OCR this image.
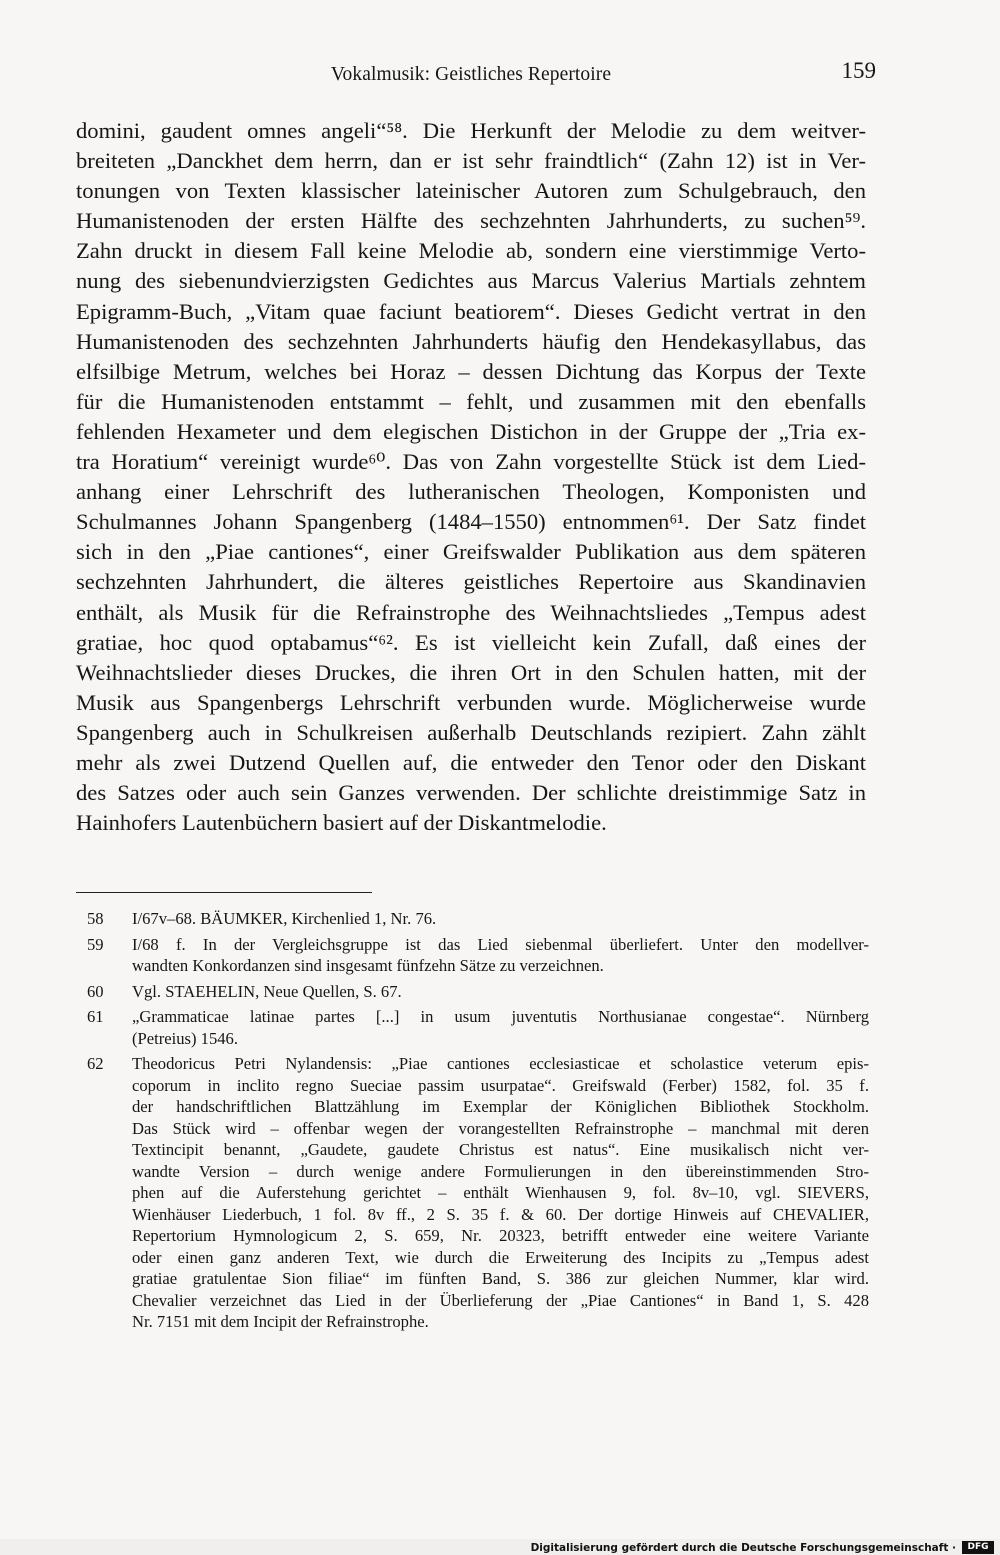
Vokalmusik: Geistliches Repertoire	159
domini, gaudent omnes angeli“⁵⁸. Die Herkunft der Melodie zu dem weitver-
breiteten „Danckhet dem herrn, dan er ist sehr fraindtlich“ (Zahn 12) ist in Ver-
tonungen von Texten klassischer lateinischer Autoren zum Schulgebrauch, den
Humanistenoden der ersten Hälfte des sechzehnten Jahrhunderts, zu suchen⁵⁹.
Zahn druckt in diesem Fall keine Melodie ab, sondern eine vierstimmige Verto-
nung des siebenundvierzigsten Gedichtes aus Marcus Valerius Martials zehntem
Epigramm-Buch, „Vitam quae faciunt beatiorem“. Dieses Gedicht vertrat in den
Humanistenoden des sechzehnten Jahrhunderts häufig den Hendekasyllabus, das
elfsilbige Metrum, welches bei Horaz – dessen Dichtung das Korpus der Texte
für die Humanistenoden entstammt – fehlt, und zusammen mit den ebenfalls
fehlenden Hexameter und dem elegischen Distichon in der Gruppe der „Tria ex-
tra Horatium“ vereinigt wurde⁶⁰. Das von Zahn vorgestellte Stück ist dem Lied-
anhang einer Lehrschrift des lutheranischen Theologen, Komponisten und
Schulmannes Johann Spangenberg (1484–1550) entnommen⁶¹. Der Satz findet
sich in den „Piae cantiones“, einer Greifswalder Publikation aus dem späteren
sechzehnten Jahrhundert, die älteres geistliches Repertoire aus Skandinavien
enthält, als Musik für die Refrainstrophe des Weihnachtsliedes „Tempus adest
gratiae, hoc quod optabamus“⁶². Es ist vielleicht kein Zufall, daß eines der
Weihnachtslieder dieses Druckes, die ihren Ort in den Schulen hatten, mit der
Musik aus Spangenbergs Lehrschrift verbunden wurde. Möglicherweise wurde
Spangenberg auch in Schulkreisen außerhalb Deutschlands rezipiert. Zahn zählt
mehr als zwei Dutzend Quellen auf, die entweder den Tenor oder den Diskant
des Satzes oder auch sein Ganzes verwenden. Der schlichte dreistimmige Satz in
Hainhofers Lautenbüchern basiert auf der Diskantmelodie.
58 I/67v–68. BÄUMKER, Kirchenlied 1, Nr. 76.
59 I/68 f. In der Vergleichsgruppe ist das Lied siebenmal überliefert. Unter den modellver-
wandten Konkordanzen sind insgesamt fünfzehn Sätze zu verzeichnen.
60 Vgl. STAEHELIN, Neue Quellen, S. 67.
61 „Grammaticae latinae partes [...] in usum juventutis Northusianae congestae“. Nürnberg
(Petreius) 1546.
62 Theodoricus Petri Nylandensis: „Piae cantiones ecclesiasticae et scholastice veterum epis-
coporum in inclito regno Sueciae passim usurpatae“. Greifswald (Ferber) 1582, fol. 35 f.
der handschriftlichen Blattzählung im Exemplar der Königlichen Bibliothek Stockholm.
Das Stück wird – offenbar wegen der vorangestellten Refrainstrophe – manchmal mit deren
Textincipit benannt, „Gaudete, gaudete Christus est natus“. Eine musikalisch nicht ver-
wandte Version – durch wenige andere Formulierungen in den übereinstimmenden Stro-
phen auf die Auferstehung gerichtet – enthält Wienhausen 9, fol. 8v–10, vgl. SIEVERS,
Wienhäuser Liederbuch, 1 fol. 8v ff., 2 S. 35 f. & 60. Der dortige Hinweis auf CHEVALIER,
Repertorium Hymnologicum 2, S. 659, Nr. 20323, betrifft entweder eine weitere Variante
oder einen ganz anderen Text, wie durch die Erweiterung des Incipits zu „Tempus adest
gratiae gratulentae Sion filiae“ im fünften Band, S. 386 zur gleichen Nummer, klar wird.
Chevalier verzeichnet das Lied in der Überlieferung der „Piae Cantiones“ in Band 1, S. 428
Nr. 7151 mit dem Incipit der Refrainstrophe.
Digitalisierung gefördert durch die Deutsche Forschungsgemeinschaft ·	DFG
